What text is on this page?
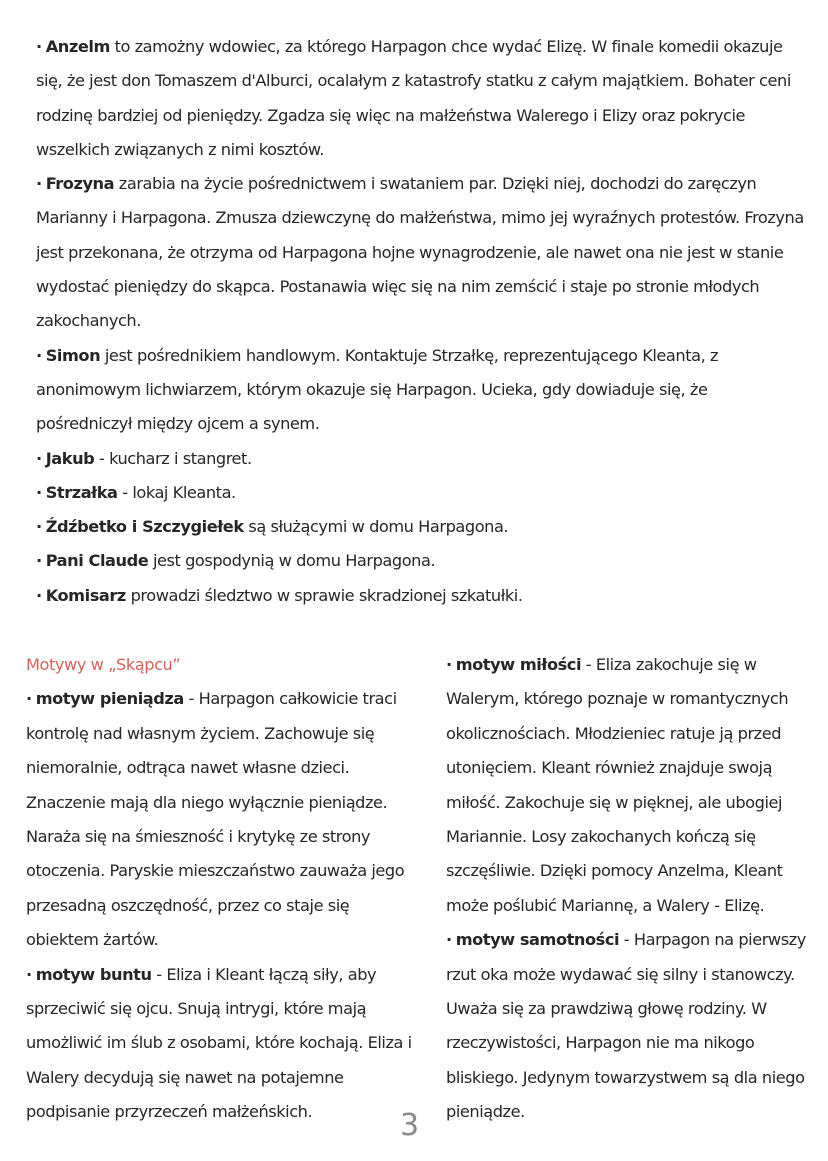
· Anzelm to zamożny wdowiec, za którego Harpagon chce wydać Elizę. W finale komedii okazuje się, że jest don Tomaszem d'Alburci, ocalałym z katastrofy statku z całym majątkiem. Bohater ceni rodzinę bardziej od pieniędzy. Zgadza się więc na małżeństwa Walerego i Elizy oraz pokrycie wszelkich związanych z nimi kosztów.

· Frozyna zarabia na życie pośrednictwem i swataniem par. Dzięki niej, dochodzi do zaręczyn Marianny i Harpagona. Zmusza dziewczynę do małżeństwa, mimo jej wyraźnych protestów. Frozyna jest przekonana, że otrzyma od Harpagona hojne wynagrodzenie, ale nawet ona nie jest w stanie wydostać pieniędzy do skąpca. Postanawia więc się na nim zemścić i staje po stronie młodych zakochanych.

· Simon jest pośrednikiem handlowym. Kontaktuje Strzałkę, reprezentującego Kleanta, z anonimowym lichwiarzem, którym okazuje się Harpagon. Ucieka, gdy dowiaduje się, że pośredniczył między ojcem a synem.

· Jakub - kucharz i stangret.

· Strzałka - lokaj Kleanta.

· Źdźbetko i Szczygiełek są służącymi w domu Harpagona.

· Pani Claude jest gospodynią w domu Harpagona.

· Komisarz prowadzi śledztwo w sprawie skradzionej szkatułki.

Motywy w „Skąpcu”

· motyw pieniądza - Harpagon całkowicie traci kontrolę nad własnym życiem. Zachowuje się niemoralnie, odtrąca nawet własne dzieci. Znaczenie mają dla niego wyłącznie pieniądze. Naraża się na śmieszność i krytykę ze strony otoczenia. Paryskie mieszczaństwo zauważa jego przesadną oszczędność, przez co staje się obiektem żartów.

· motyw buntu - Eliza i Kleant łączą siły, aby sprzeciwić się ojcu. Snują intrygi, które mają umożliwić im ślub z osobami, które kochają. Eliza i Walery decydują się nawet na potajemne podpisanie przyrzeczeń małżeńskich.

· motyw miłości - Eliza zakochuje się w Walerym, którego poznaje w romantycznych okolicznościach. Młodzieniec ratuje ją przed utonięciem. Kleant również znajduje swoją miłość. Zakochuje się w pięknej, ale ubogiej Mariannie. Losy zakochanych kończą się szczęśliwie. Dzięki pomocy Anzelma, Kleant może poślubić Mariannę, a Walery - Elizę.

· motyw samotności - Harpagon na pierwszy rzut oka może wydawać się silny i stanowczy. Uważa się za prawdziwą głowę rodziny. W rzeczywistości, Harpagon nie ma nikogo bliskiego. Jedynym towarzystwem są dla niego pieniądze.

3
